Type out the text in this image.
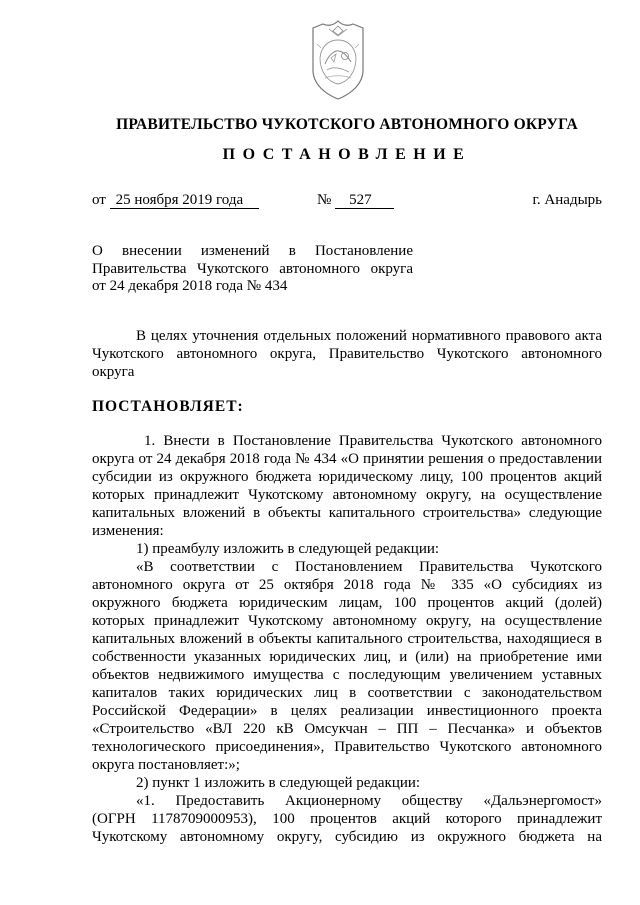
ПРАВИТЕЛЬСТВО ЧУКОТСКОГО АВТОНОМНОГО ОКРУГА
ПОСТАНОВЛЕНИЕ
от 25 ноября 2019 года	№ 527	г. Анадырь
О внесении изменений в Постановление
Правительства Чукотского автономного округа
от 24 декабря 2018 года № 434
В целях уточнения отдельных положений нормативного правового акта
Чукотского автономного округа, Правительство Чукотского автономного
округа
ПОСТАНОВЛЯЕТ:
1. Внести в Постановление Правительства Чукотского автономного
округа от 24 декабря 2018 года № 434 «О принятии решения о предоставлении
субсидии из окружного бюджета юридическому лицу, 100 процентов акций
которых принадлежит Чукотскому автономному округу, на осуществление
капитальных вложений в объекты капитального строительства» следующие
изменения:
1) преамбулу изложить в следующей редакции:
«В соответствии с Постановлением Правительства Чукотского
автономного округа от 25 октября 2018 года № 335 «О субсидиях из
окружного бюджета юридическим лицам, 100 процентов акций (долей)
которых принадлежит Чукотскому автономному округу, на осуществление
капитальных вложений в объекты капитального строительства, находящиеся в
собственности указанных юридических лиц, и (или) на приобретение ими
объектов недвижимого имущества с последующим увеличением уставных
капиталов таких юридических лиц в соответствии с законодательством
Российской Федерации» в целях реализации инвестиционного проекта
«Строительство «ВЛ 220 кВ Омсукчан – ПП – Песчанка» и объектов
технологического присоединения», Правительство Чукотского автономного
округа постановляет:»;
2) пункт 1 изложить в следующей редакции:
«1. Предоставить Акционерному обществу «Дальэнергомост»
(ОГРН 1178709000953), 100 процентов акций которого принадлежит
Чукотскому автономному округу, субсидию из окружного бюджета на
